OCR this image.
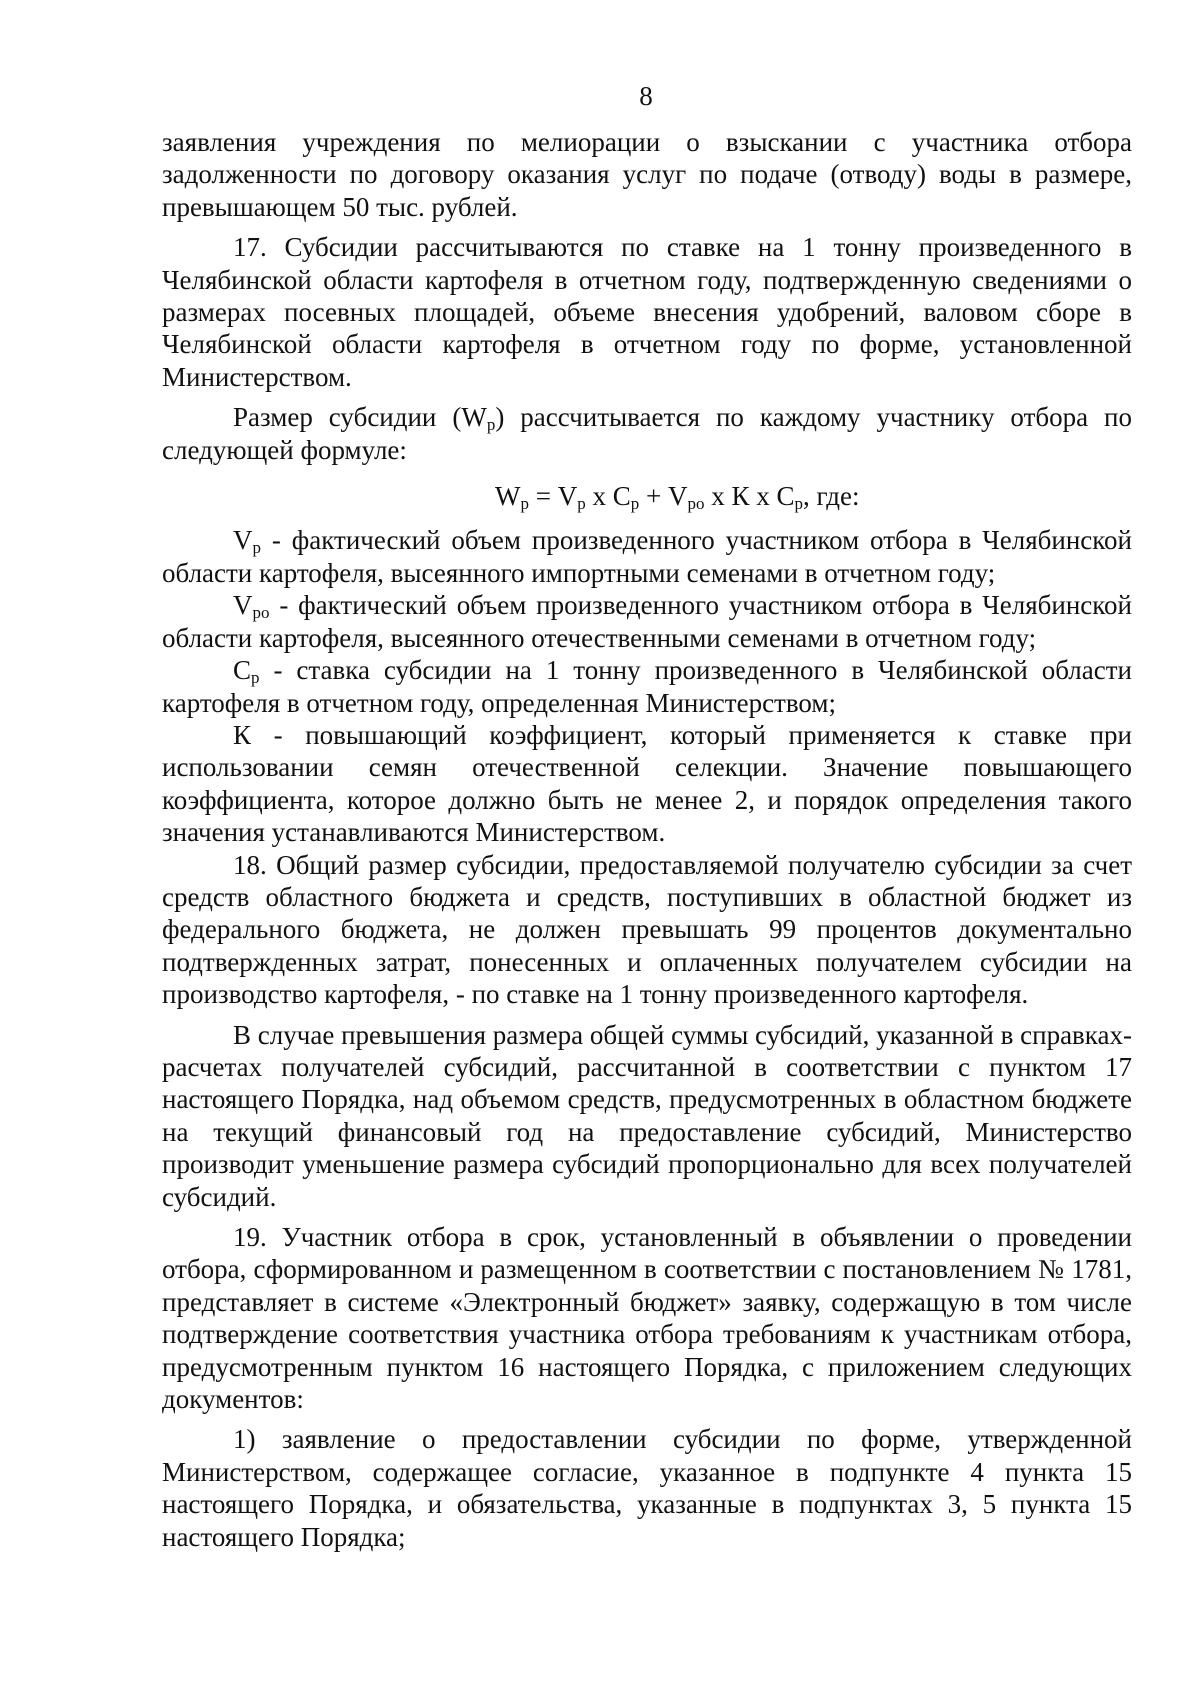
8

заявления учреждения по мелиорации о взыскании с участника отбора задолженности по договору оказания услуг по подаче (отводу) воды в размере, превышающем 50 тыс. рублей.

17. Субсидии рассчитываются по ставке на 1 тонну произведенного в Челябинской области картофеля в отчетном году, подтвержденную сведениями о размерах посевных площадей, объеме внесения удобрений, валовом сборе в Челябинской области картофеля в отчетном году по форме, установленной Министерством.

Размер субсидии $(W_р)$ рассчитывается по каждому участнику отбора по следующей формуле:

$W_р = V_р$ x $C_р + V_{ро}$ x К x $C_р$, где:

$V_р$ - фактический объем произведенного участником отбора в Челябинской области картофеля, высеянного импортными семенами в отчетном году;

$V_{ро}$ - фактический объем произведенного участником отбора в Челябинской области картофеля, высеянного отечественными семенами в отчетном году;

$C_р$ - ставка субсидии на 1 тонну произведенного в Челябинской области картофеля в отчетном году, определенная Министерством;

К - повышающий коэффициент, который применяется к ставке при использовании семян отечественной селекции. Значение повышающего коэффициента, которое должно быть не менее 2, и порядок определения такого значения устанавливаются Министерством.

18. Общий размер субсидии, предоставляемой получателю субсидии за счет средств областного бюджета и средств, поступивших в областной бюджет из федерального бюджета, не должен превышать 99 процентов документально подтвержденных затрат, понесенных и оплаченных получателем субсидии на производство картофеля, - по ставке на 1 тонну произведенного картофеля.

В случае превышения размера общей суммы субсидий, указанной в справках-расчетах получателей субсидий, рассчитанной в соответствии с пунктом 17 настоящего Порядка, над объемом средств, предусмотренных в областном бюджете на текущий финансовый год на предоставление субсидий, Министерство производит уменьшение размера субсидий пропорционально для всех получателей субсидий.

19. Участник отбора в срок, установленный в объявлении о проведении отбора, сформированном и размещенном в соответствии с постановлением № 1781, представляет в системе «Электронный бюджет» заявку, содержащую в том числе подтверждение соответствия участника отбора требованиям к участникам отбора, предусмотренным пунктом 16 настоящего Порядка, с приложением следующих документов:

1) заявление о предоставлении субсидии по форме, утвержденной Министерством, содержащее согласие, указанное в подпункте 4 пункта 15 настоящего Порядка, и обязательства, указанные в подпунктах 3, 5 пункта 15 настоящего Порядка;
